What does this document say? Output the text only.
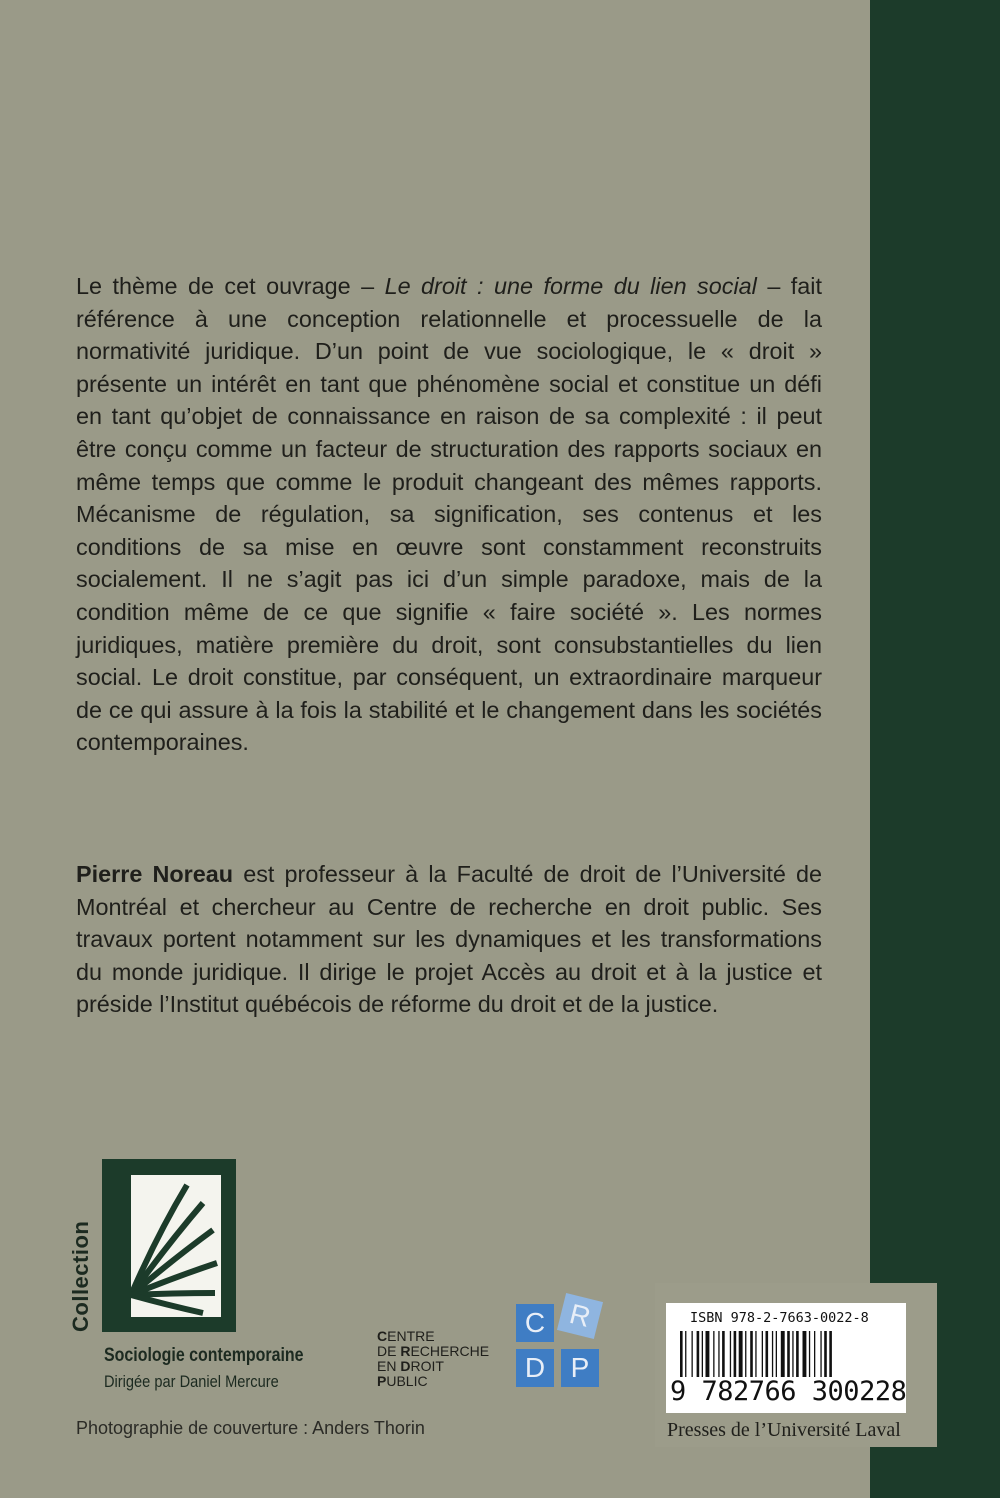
Le thème de cet ouvrage – Le droit : une forme du lien social – fait référence à une conception relationnelle et processuelle de la normativité juridique. D’un point de vue sociologique, le « droit » présente un intérêt en tant que phénomène social et constitue un défi en tant qu’objet de connaissance en raison de sa complexité : il peut être conçu comme un facteur de structuration des rapports sociaux en même temps que comme le produit changeant des mêmes rapports. Mécanisme de régulation, sa signification, ses contenus et les conditions de sa mise en œuvre sont constamment reconstruits socialement. Il ne s’agit pas ici d’un simple paradoxe, mais de la condition même de ce que signifie « faire société ». Les normes juridiques, matière première du droit, sont consubstantielles du lien social. Le droit constitue, par conséquent, un extraordinaire marqueur de ce qui assure à la fois la stabilité et le changement dans les sociétés contemporaines.

Pierre Noreau est professeur à la Faculté de droit de l’Université de Montréal et chercheur au Centre de recherche en droit public. Ses travaux portent notamment sur les dynamiques et les transformations du monde juridique. Il dirige le projet Accès au droit et à la justice et préside l’Institut québécois de réforme du droit et de la justice.

Collection
Sociologie contemporaine
Dirigée par Daniel Mercure
CENTRE
DE RECHERCHE
EN DROIT
PUBLIC
C R
D P
ISBN 978-2-7663-0022-8
9 782766 300228
Presses de l’Université Laval
Photographie de couverture : Anders Thorin
